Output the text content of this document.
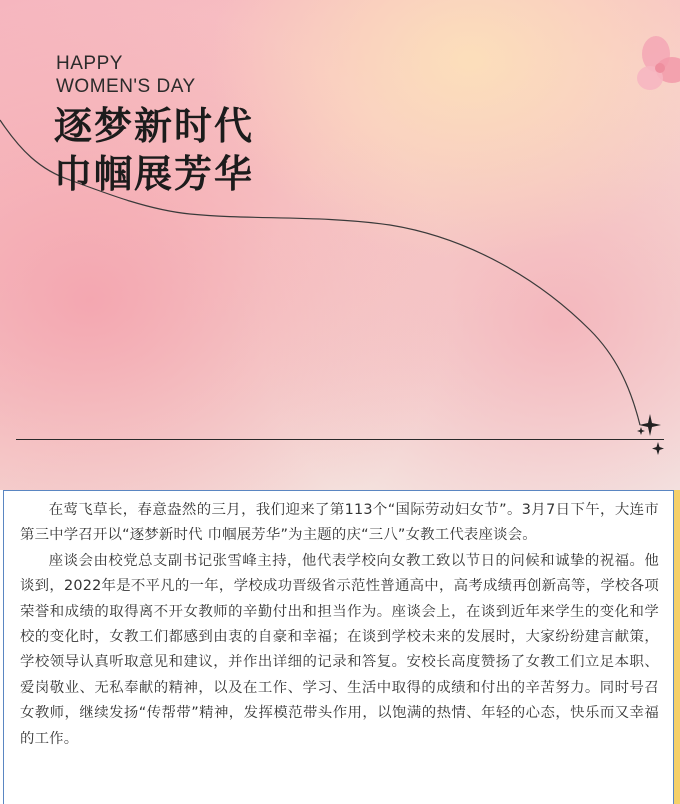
HAPPY
WOMEN'S DAY
逐梦新时代
巾帼展芳华

在莺飞草长，春意盎然的三月，我们迎来了第113个“国际劳动妇女节”。3月7日下午，大连市第三中学召开以“逐梦新时代 巾帼展芳华”为主题的庆“三八”女教工代表座谈会。

座谈会由校党总支副书记张雪峰主持，他代表学校向女教工致以节日的问候和诚挚的祝福。他谈到，2022年是不平凡的一年，学校成功晋级省示范性普通高中，高考成绩再创新高等，学校各项荣誉和成绩的取得离不开女教师的辛勤付出和担当作为。座谈会上，在谈到近年来学生的变化和学校的变化时，女教工们都感到由衷的自豪和幸福；在谈到学校未来的发展时，大家纷纷建言献策，学校领导认真听取意见和建议，并作出详细的记录和答复。安校长高度赞扬了女教工们立足本职、爱岗敬业、无私奉献的精神，以及在工作、学习、生活中取得的成绩和付出的辛苦努力。同时号召女教师，继续发扬“传帮带”精神，发挥模范带头作用，以饱满的热情、年轻的心态，快乐而又幸福的工作。
